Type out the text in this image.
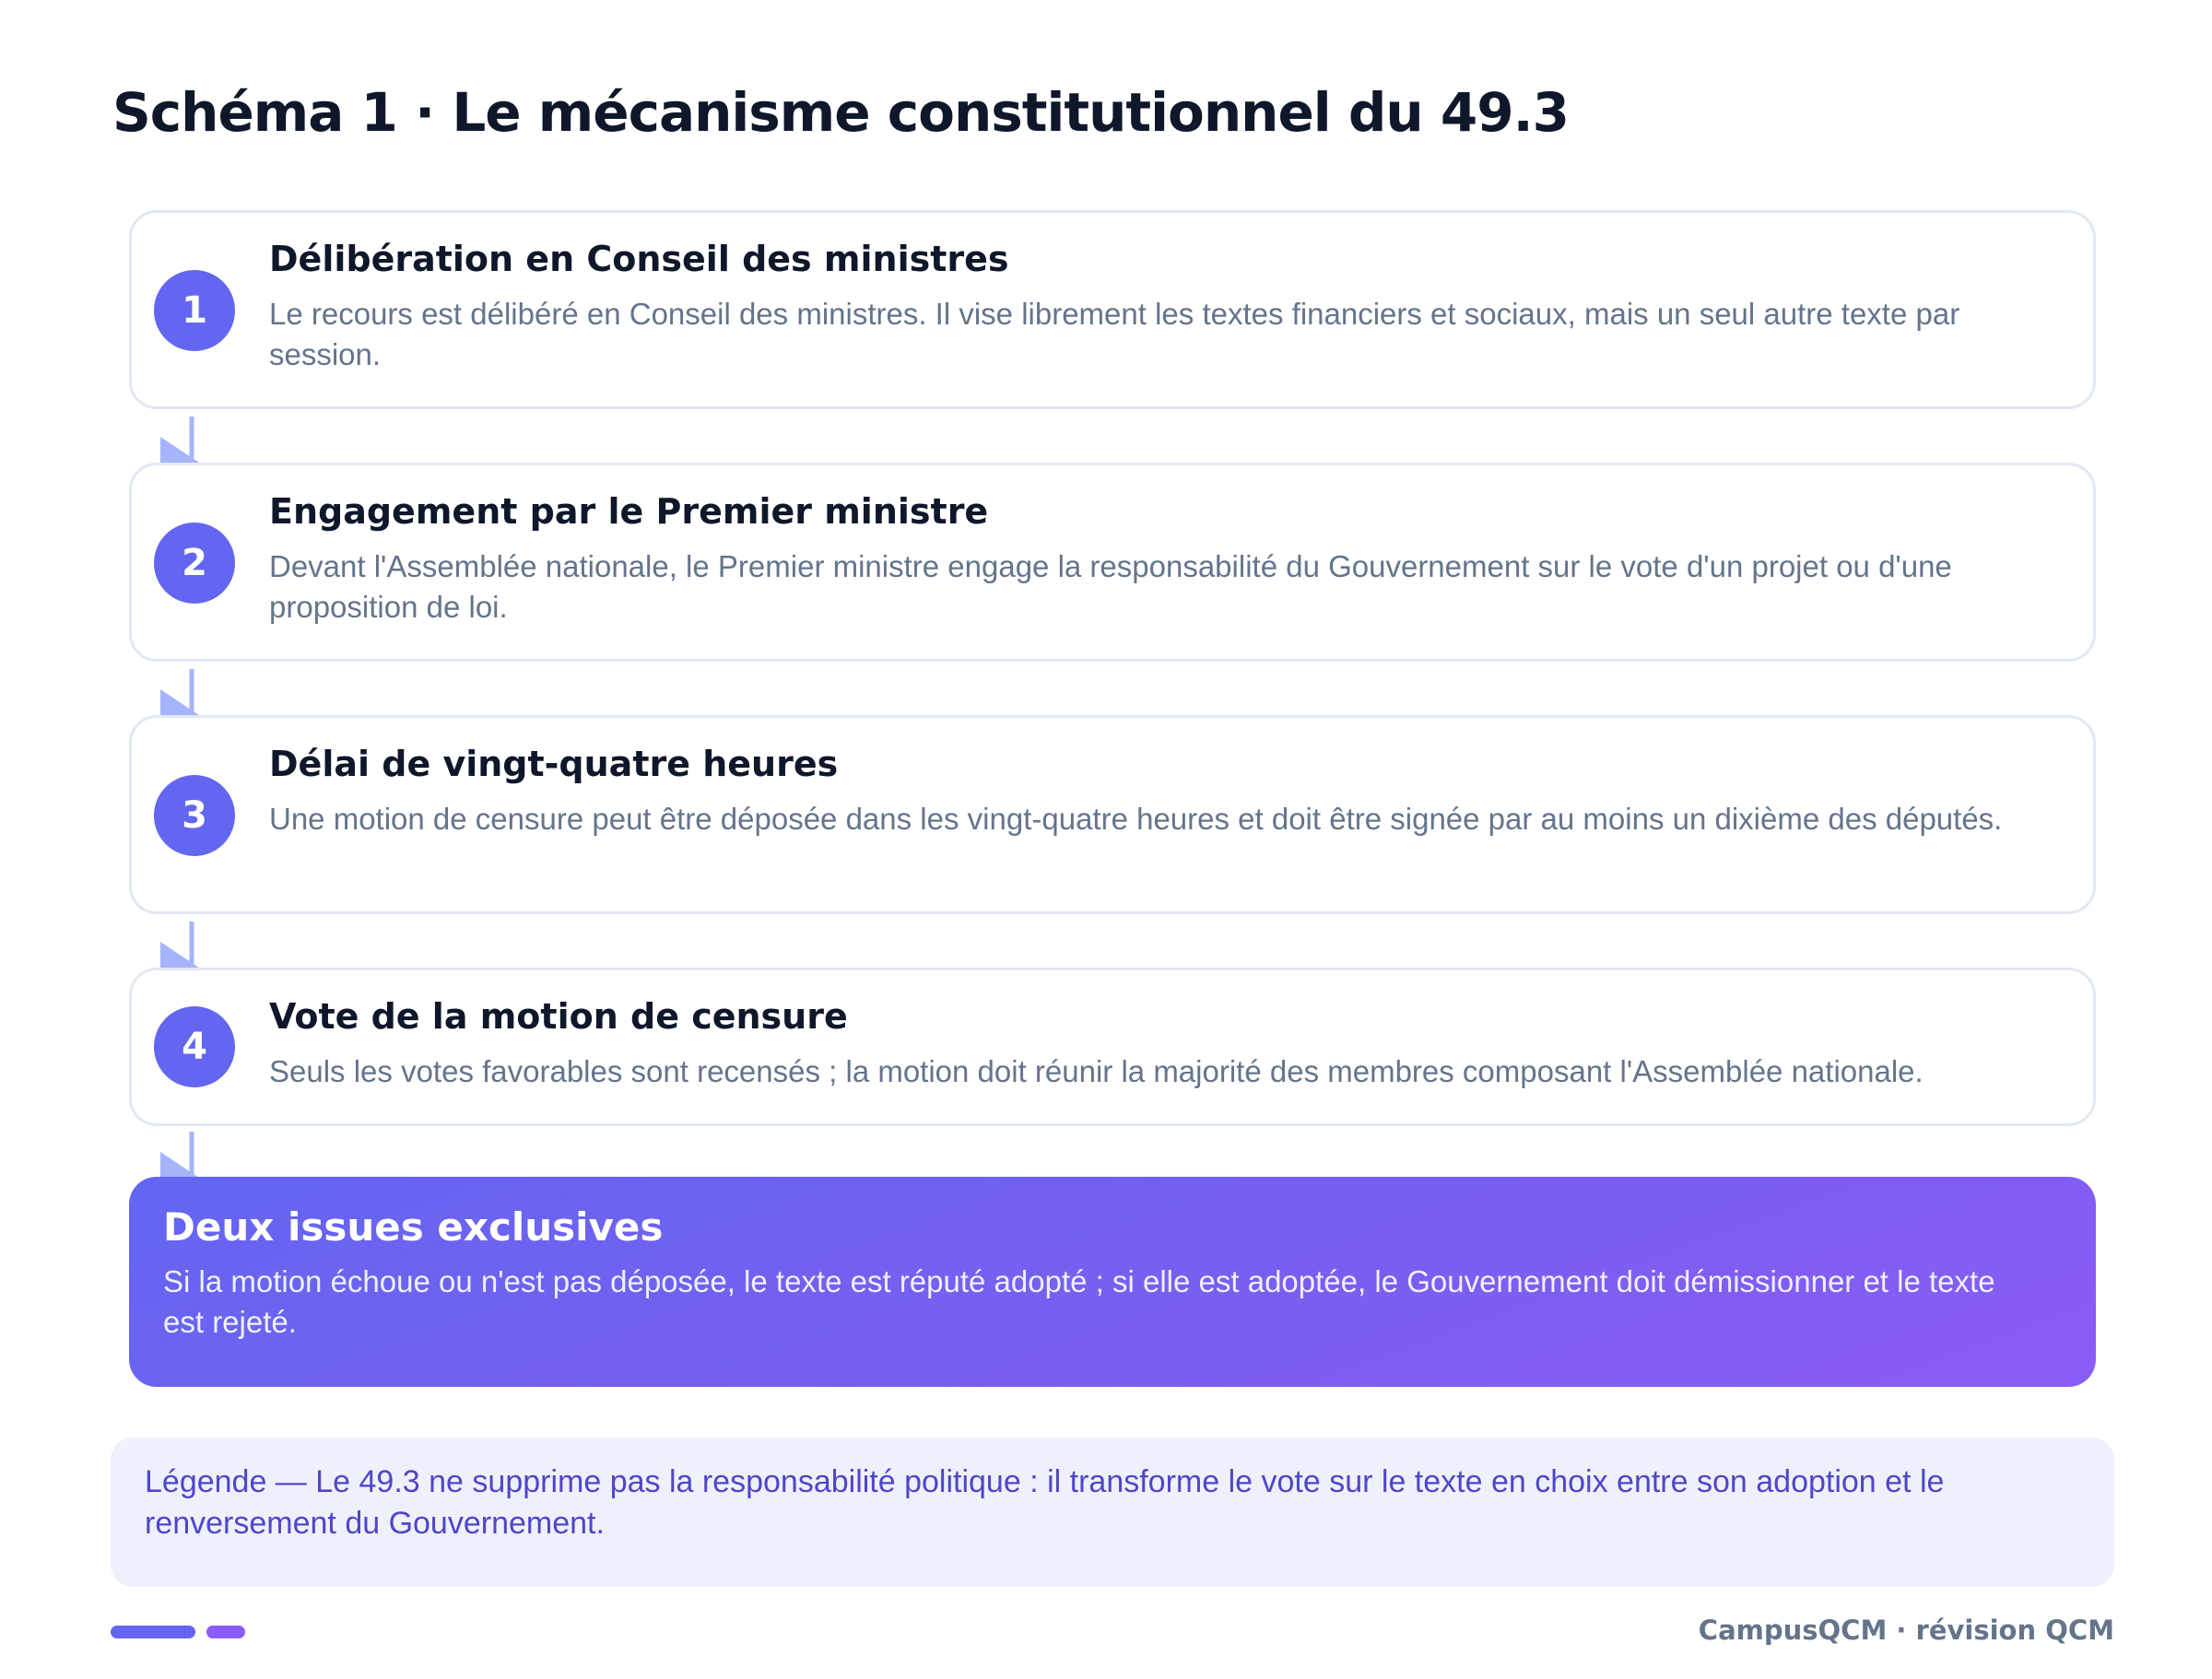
Schéma 1 · Le mécanisme constitutionnel du 49.3
1
Délibération en Conseil des ministres
Le recours est délibéré en Conseil des ministres. Il vise librement les textes financiers et sociaux, mais un seul autre texte par session.
2
Engagement par le Premier ministre
Devant l'Assemblée nationale, le Premier ministre engage la responsabilité du Gouvernement sur le vote d'un projet ou d'une proposition de loi.
3
Délai de vingt-quatre heures
Une motion de censure peut être déposée dans les vingt-quatre heures et doit être signée par au moins un dixième des députés.
4
Vote de la motion de censure
Seuls les votes favorables sont recensés ; la motion doit réunir la majorité des membres composant l'Assemblée nationale.
Deux issues exclusives
Si la motion échoue ou n'est pas déposée, le texte est réputé adopté ; si elle est adoptée, le Gouvernement doit démissionner et le texte est rejeté.
Légende — Le 49.3 ne supprime pas la responsabilité politique : il transforme le vote sur le texte en choix entre son adoption et le renversement du Gouvernement.
CampusQCM · révision QCM
